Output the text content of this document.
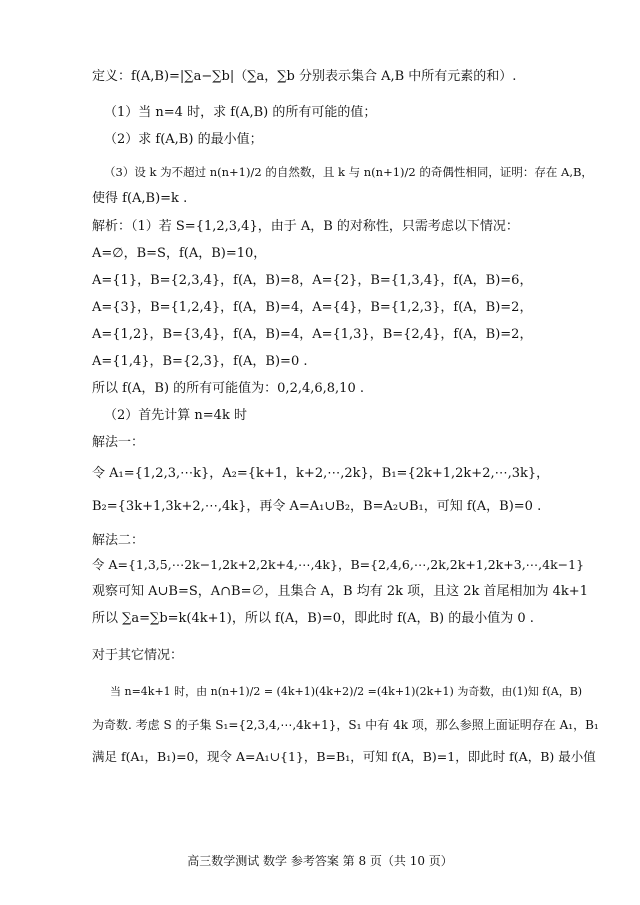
定义：f(A,B)=|∑a−∑b|（∑a，∑b 分别表示集合 A,B 中所有元素的和）.
（1）当 n=4 时，求 f(A,B) 的所有可能的值；
（2）求 f(A,B) 的最小值；
（3）设 k 为不超过 n(n+1)/2 的自然数，且 k 与 n(n+1)/2 的奇偶性相同，证明：存在 A,B，
使得 f(A,B)=k .
解析：（1）若 S={1,2,3,4}，由于 A，B 的对称性，只需考虑以下情况：
A=∅，B=S，f(A，B)=10，
A={1}，B={2,3,4}，f(A，B)=8，A={2}，B={1,3,4}，f(A，B)=6，
A={3}，B={1,2,4}，f(A，B)=4，A={4}，B={1,2,3}，f(A，B)=2，
A={1,2}，B={3,4}，f(A，B)=4，A={1,3}，B={2,4}，f(A，B)=2，
A={1,4}，B={2,3}，f(A，B)=0 .
所以 f(A，B) 的所有可能值为：0,2,4,6,8,10 .
（2）首先计算 n=4k 时
解法一：
令 A₁={1,2,3,⋯k}，A₂={k+1，k+2,⋯,2k}，B₁={2k+1,2k+2,⋯,3k}，
B₂={3k+1,3k+2,⋯,4k}，再令 A=A₁∪B₂，B=A₂∪B₁，可知 f(A，B)=0 .
解法二：
令 A={1,3,5,⋯2k−1,2k+2,2k+4,⋯,4k}，B={2,4,6,⋯,2k,2k+1,2k+3,⋯,4k−1}
观察可知 A∪B=S，A∩B=∅，且集合 A，B 均有 2k 项，且这 2k 首尾相加为 4k+1
所以 ∑a=∑b=k(4k+1)，所以 f(A，B)=0，即此时 f(A，B) 的最小值为 0 .
对于其它情况：
当 n=4k+1 时，由 n(n+1)/2 = (4k+1)(4k+2)/2 =(4k+1)(2k+1) 为奇数，由(1)知 f(A，B)
为奇数. 考虑 S 的子集 S₁={2,3,4,⋯,4k+1}，S₁ 中有 4k 项，那么参照上面证明存在 A₁，B₁
满足 f(A₁，B₁)=0，现令 A=A₁∪{1}，B=B₁，可知 f(A，B)=1，即此时 f(A，B) 最小值
高三数学测试 数学 参考答案 第 8 页（共 10 页）
